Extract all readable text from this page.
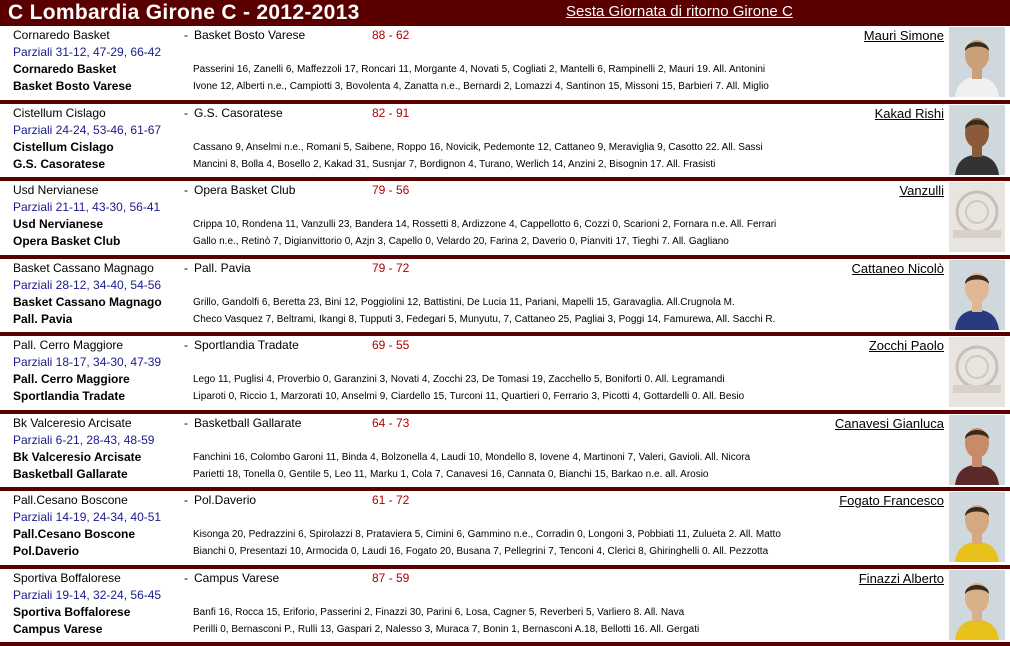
C Lombardia Girone C - 2012-2013	Sesta Giornata di ritorno Girone C
Cornaredo Basket	- Basket Bosto Varese	88 - 62	Mauri Simone
Parziali 31-12, 47-29, 66-42
Cornaredo Basket	Passerini 16, Zanelli 6, Maffezzoli 17, Roncari 11, Morgante 4, Novati 5, Cogliati 2, Mantelli 6, Rampinelli 2, Mauri 19. All. Antonini
Basket Bosto Varese	Ivone 12, Alberti n.e., Campiotti 3, Bovolenta 4, Zanatta n.e., Bernardi 2, Lomazzi 4, Santinon 15, Missoni 15, Barbieri 7. All. Miglio
Cistellum Cislago	- G.S. Casoratese	82 - 91	Kakad Rishi
Parziali 24-24, 53-46, 61-67
Cistellum Cislago	Cassano 9, Anselmi n.e., Romani 5, Saibene, Roppo 16, Novicik, Pedemonte 12, Cattaneo 9, Meraviglia 9, Casotto 22. All. Sassi
G.S. Casoratese	Mancini 8, Bolla 4, Bosello 2, Kakad 31, Susnjar 7, Bordignon 4, Turano, Werlich 14, Anzini 2, Bisognin 17. All. Frasisti
Usd Nervianese	- Opera Basket Club	79 - 56	Vanzulli
Parziali 21-11, 43-30, 56-41
Usd Nervianese	Crippa 10, Rondena 11, Vanzulli 23, Bandera 14, Rossetti 8, Ardizzone 4, Cappellotto 6, Cozzi 0, Scarioni 2, Fornara n.e. All. Ferrari
Opera Basket Club	Gallo n.e., Retinò 7, Digianvittorio 0, Azjn 3, Capello 0, Velardo 20, Farina 2, Daverio 0, Pianviti 17, Tieghi 7. All. Gagliano
Basket Cassano Magnago	- Pall. Pavia	79 - 72	Cattaneo Nicolò
Parziali 28-12, 34-40, 54-56
Basket Cassano Magnago	Grillo, Gandolfi 6, Beretta 23, Bini 12, Poggiolini 12, Battistini, De Lucia 11, Pariani, Mapelli 15, Garavaglia. All.Crugnola M.
Pall. Pavia	Checo Vasquez 7, Beltrami, Ikangi 8, Tupputi 3, Fedegari 5, Munyutu, 7, Cattaneo 25, Pagliai 3, Poggi 14, Famurewa, All. Sacchi R.
Pall. Cerro Maggiore	- Sportlandia Tradate	69 - 55	Zocchi Paolo
Parziali 18-17, 34-30, 47-39
Pall. Cerro Maggiore	Lego 11, Puglisi 4, Proverbio 0, Garanzini 3, Novati 4, Zocchi 23, De Tomasi 19, Zacchello 5, Boniforti 0. All. Legramandi
Sportlandia Tradate	Liparoti 0, Riccio 1, Marzorati 10, Anselmi 9, Ciardello 15, Turconi 11, Quartieri 0, Ferrario 3, Picotti 4, Gottardelli 0. All. Besio
Bk Valceresio Arcisate	- Basketball Gallarate	64 - 73	Canavesi Gianluca
Parziali 6-21, 28-43, 48-59
Bk Valceresio Arcisate	Fanchini 16, Colombo Garoni 11, Binda 4, Bolzonella 4, Laudi 10, Mondello 8, Iovene 4, Martinoni 7, Valeri, Gavioli. All. Nicora
Basketball Gallarate	Parietti 18, Tonella 0, Gentile 5, Leo 11, Marku 1, Cola 7, Canavesi 16, Cannata 0, Bianchi 15, Barkao n.e. all. Arosio
Pall.Cesano Boscone	- Pol.Daverio	61 - 72	Fogato Francesco
Parziali 14-19, 24-34, 40-51
Pall.Cesano Boscone	Kisonga 20, Pedrazzini 6, Spirolazzi 8, Prataviera 5, Cimini 6, Gammino n.e., Corradin 0, Longoni 3, Pobbiati 11, Zulueta 2. All. Matto
Pol.Daverio	Bianchi 0, Presentazi 10, Armocida 0, Laudi 16, Fogato 20, Busana 7, Pellegrini 7, Tenconi 4, Clerici 8, Ghiringhelli 0. All. Pezzotta
Sportiva Boffalorese	- Campus Varese	87 - 59	Finazzi Alberto
Parziali 19-14, 32-24, 56-45
Sportiva Boffalorese	Banfi 16, Rocca 15, Eriforio, Passerini 2, Finazzi 30, Parini 6, Losa, Cagner 5, Reverberi 5, Varliero 8. All. Nava
Campus Varese	Perilli 0, Bernasconi P., Rulli 13, Gaspari 2, Nalesso 3, Muraca 7, Bonin 1, Bernasconi A.18, Bellotti 16. All. Gergati
